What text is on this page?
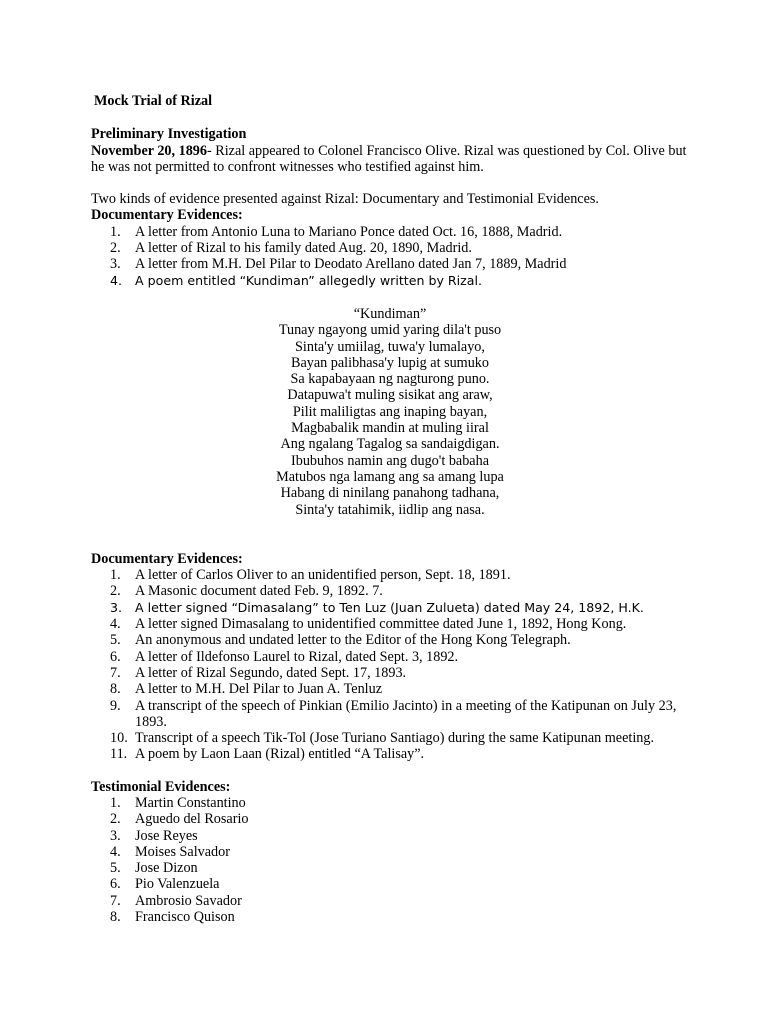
Mock Trial of Rizal
Preliminary Investigation

November 20, 1896- Rizal appeared to Colonel Francisco Olive. Rizal was questioned by Col. Olive but he was not permitted to confront witnesses who testified against him.

Two kinds of evidence presented against Rizal: Documentary and Testimonial Evidences.

Documentary Evidences:
1.	A letter from Antonio Luna to Mariano Ponce dated Oct. 16, 1888, Madrid.
2.	A letter of Rizal to his family dated Aug. 20, 1890, Madrid.
3.	A letter from M.H. Del Pilar to Deodato Arellano dated Jan 7, 1889, Madrid
4.	A poem entitled “Kundiman” allegedly written by Rizal.
“Kundiman”
Tunay ngayong umid yaring dila't puso
Sinta'y umiilag, tuwa'y lumalayo,
Bayan palibhasa'y lupig at sumuko
Sa kapabayaan ng nagturong puno.
Datapuwa't muling sisikat ang araw,
Pilit maliligtas ang inaping bayan,
Magbabalik mandin at muling iiral
Ang ngalang Tagalog sa sandaigdigan.
Ibubuhos namin ang dugo't babaha
Matubos nga lamang ang sa amang lupa
Habang di ninilang panahong tadhana,
Sinta'y tatahimik, iidlip ang nasa.
Documentary Evidences:
1.	A letter of Carlos Oliver to an unidentified person, Sept. 18, 1891.
2.	A Masonic document dated Feb. 9, 1892. 7.
3.	A letter signed “Dimasalang” to Ten Luz (Juan Zulueta) dated May 24, 1892, H.K.
4.	A letter signed Dimasalang to unidentified committee dated June 1, 1892, Hong Kong.
5.	An anonymous and undated letter to the Editor of the Hong Kong Telegraph.
6.	A letter of Ildefonso Laurel to Rizal, dated Sept. 3, 1892.
7.	A letter of Rizal Segundo, dated Sept. 17, 1893.
8.	A letter to M.H. Del Pilar to Juan A. Tenluz
9.	A transcript of the speech of Pinkian (Emilio Jacinto) in a meeting of the Katipunan on July 23, 1893.
10. Transcript of a speech Tik-Tol (Jose Turiano Santiago) during the same Katipunan meeting.
11. A poem by Laon Laan (Rizal) entitled “A Talisay”.
Testimonial Evidences:
1.	Martin Constantino
2.	Aguedo del Rosario
3.	Jose Reyes
4.	Moises Salvador
5.	Jose Dizon
6.	Pio Valenzuela
7.	Ambrosio Savador
8.	Francisco Quison
